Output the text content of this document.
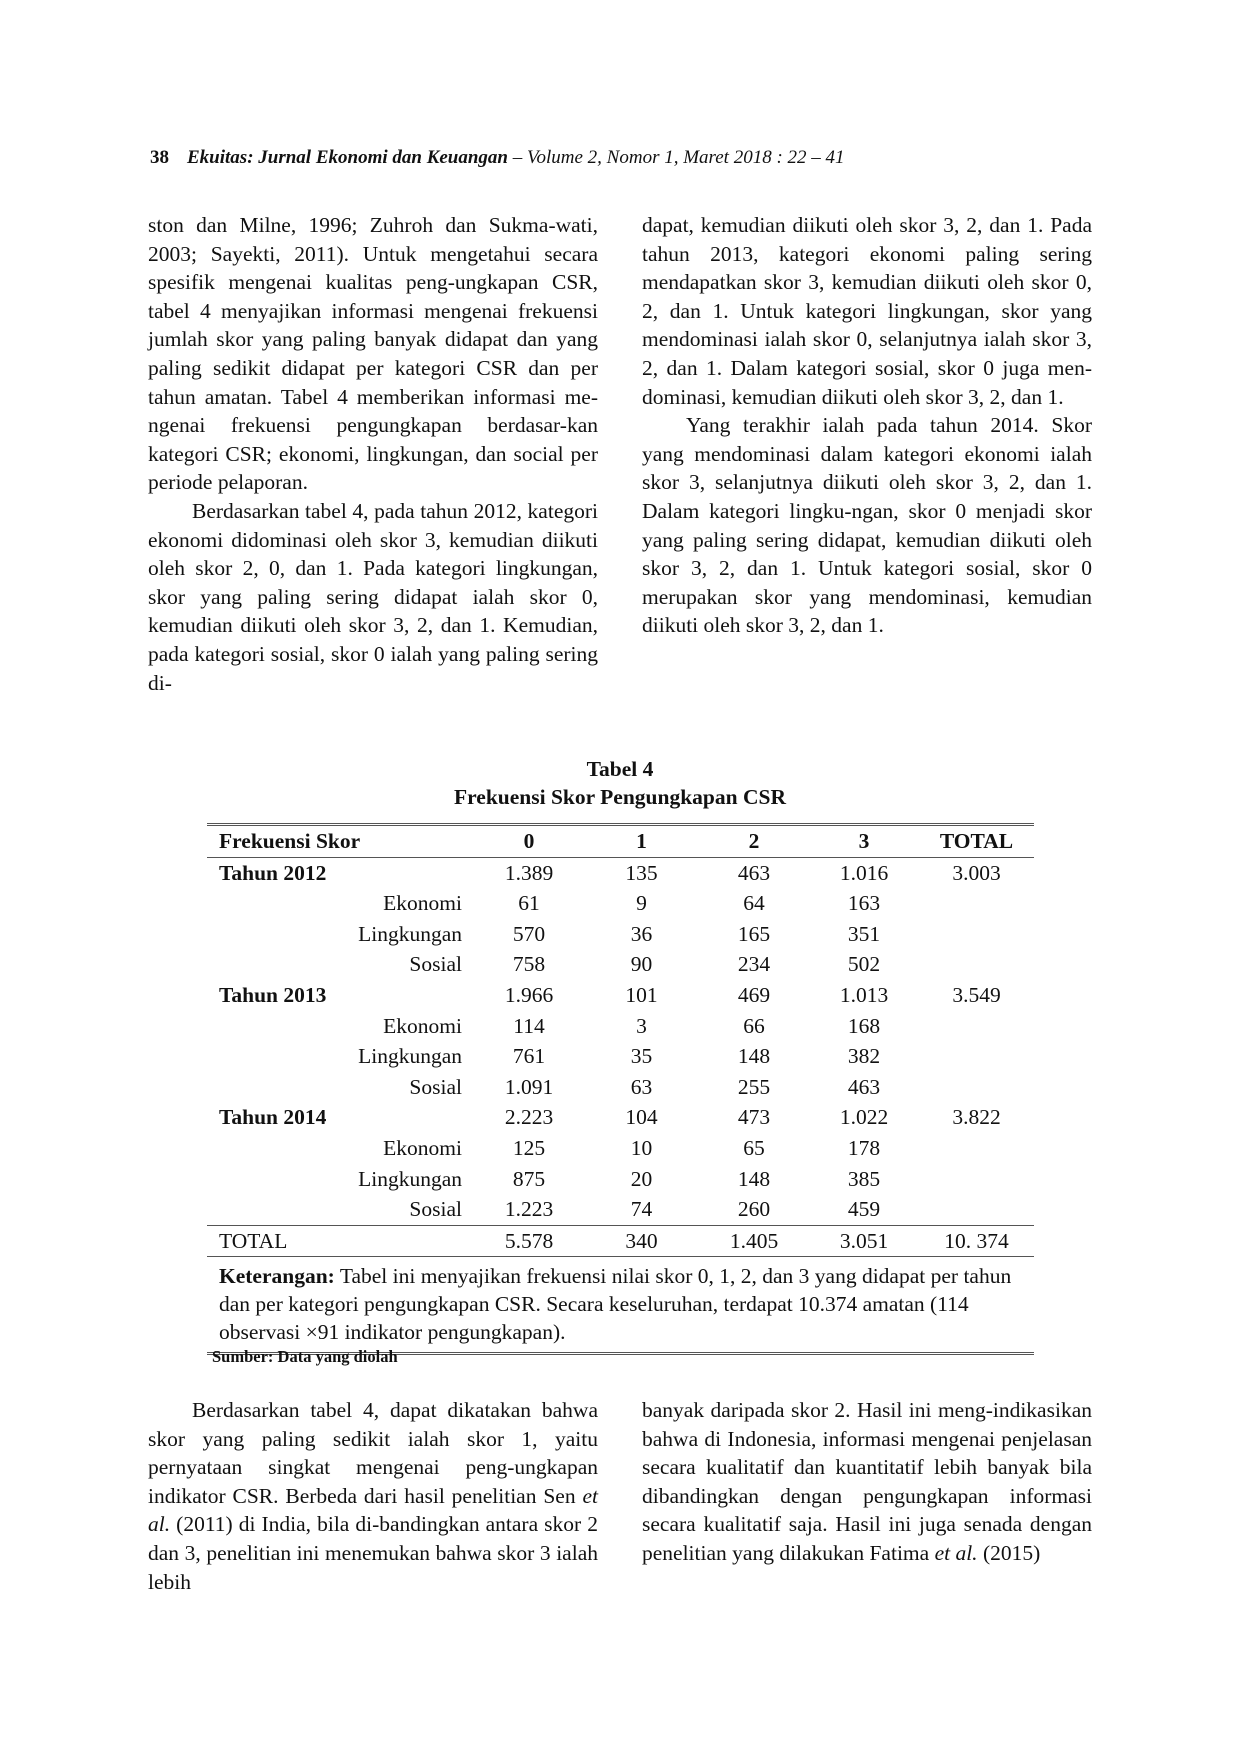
38 Ekuitas: Jurnal Ekonomi dan Keuangan – Volume 2, Nomor 1, Maret 2018 : 22 – 41

ston dan Milne, 1996; Zuhroh dan Sukma-wati, 2003; Sayekti, 2011). Untuk mengetahui secara spesifik mengenai kualitas peng-ungkapan CSR, tabel 4 menyajikan informasi mengenai frekuensi jumlah skor yang paling banyak didapat dan yang paling sedikit didapat per kategori CSR dan per tahun amatan. Tabel 4 memberikan informasi me-ngenai frekuensi pengungkapan berdasar-kan kategori CSR; ekonomi, lingkungan, dan social per periode pelaporan.

Berdasarkan tabel 4, pada tahun 2012, kategori ekonomi didominasi oleh skor 3, kemudian diikuti oleh skor 2, 0, dan 1. Pada kategori lingkungan, skor yang paling sering didapat ialah skor 0, kemudian diikuti oleh skor 3, 2, dan 1. Kemudian, pada kategori sosial, skor 0 ialah yang paling sering di-

dapat, kemudian diikuti oleh skor 3, 2, dan 1. Pada tahun 2013, kategori ekonomi paling sering mendapatkan skor 3, kemudian diikuti oleh skor 0, 2, dan 1. Untuk kategori lingkungan, skor yang mendominasi ialah skor 0, selanjutnya ialah skor 3, 2, dan 1. Dalam kategori sosial, skor 0 juga men-dominasi, kemudian diikuti oleh skor 3, 2, dan 1.

Yang terakhir ialah pada tahun 2014. Skor yang mendominasi dalam kategori ekonomi ialah skor 3, selanjutnya diikuti oleh skor 3, 2, dan 1. Dalam kategori lingku-ngan, skor 0 menjadi skor yang paling sering didapat, kemudian diikuti oleh skor 3, 2, dan 1. Untuk kategori sosial, skor 0 merupakan skor yang mendominasi, kemudian diikuti oleh skor 3, 2, dan 1.

Tabel 4
Frekuensi Skor Pengungkapan CSR
Frekuensi Skor	0	1	2	3	TOTAL
Tahun 2012	1.389	135	463	1.016	3.003
Ekonomi	61	9	64	163	
Lingkungan	570	36	165	351	
Sosial	758	90	234	502	
Tahun 2013	1.966	101	469	1.013	3.549
Ekonomi	114	3	66	168	
Lingkungan	761	35	148	382	
Sosial	1.091	63	255	463	
Tahun 2014	2.223	104	473	1.022	3.822
Ekonomi	125	10	65	178	
Lingkungan	875	20	148	385	
Sosial	1.223	74	260	459	
TOTAL	5.578	340	1.405	3.051	10. 374
Keterangan: Tabel ini menyajikan frekuensi nilai skor 0, 1, 2, dan 3 yang didapat per tahun dan per kategori pengungkapan CSR. Secara keseluruhan, terdapat 10.374 amatan (114 observasi ×91 indikator pengungkapan).					
Sumber: Data yang diolah

Berdasarkan tabel 4, dapat dikatakan bahwa skor yang paling sedikit ialah skor 1, yaitu pernyataan singkat mengenai peng-ungkapan indikator CSR. Berbeda dari hasil penelitian Sen et al. (2011) di India, bila di-bandingkan antara skor 2 dan 3, penelitian ini menemukan bahwa skor 3 ialah lebih

banyak daripada skor 2. Hasil ini meng-indikasikan bahwa di Indonesia, informasi mengenai penjelasan secara kualitatif dan kuantitatif lebih banyak bila dibandingkan dengan pengungkapan informasi secara kualitatif saja. Hasil ini juga senada dengan penelitian yang dilakukan Fatima et al. (2015)
